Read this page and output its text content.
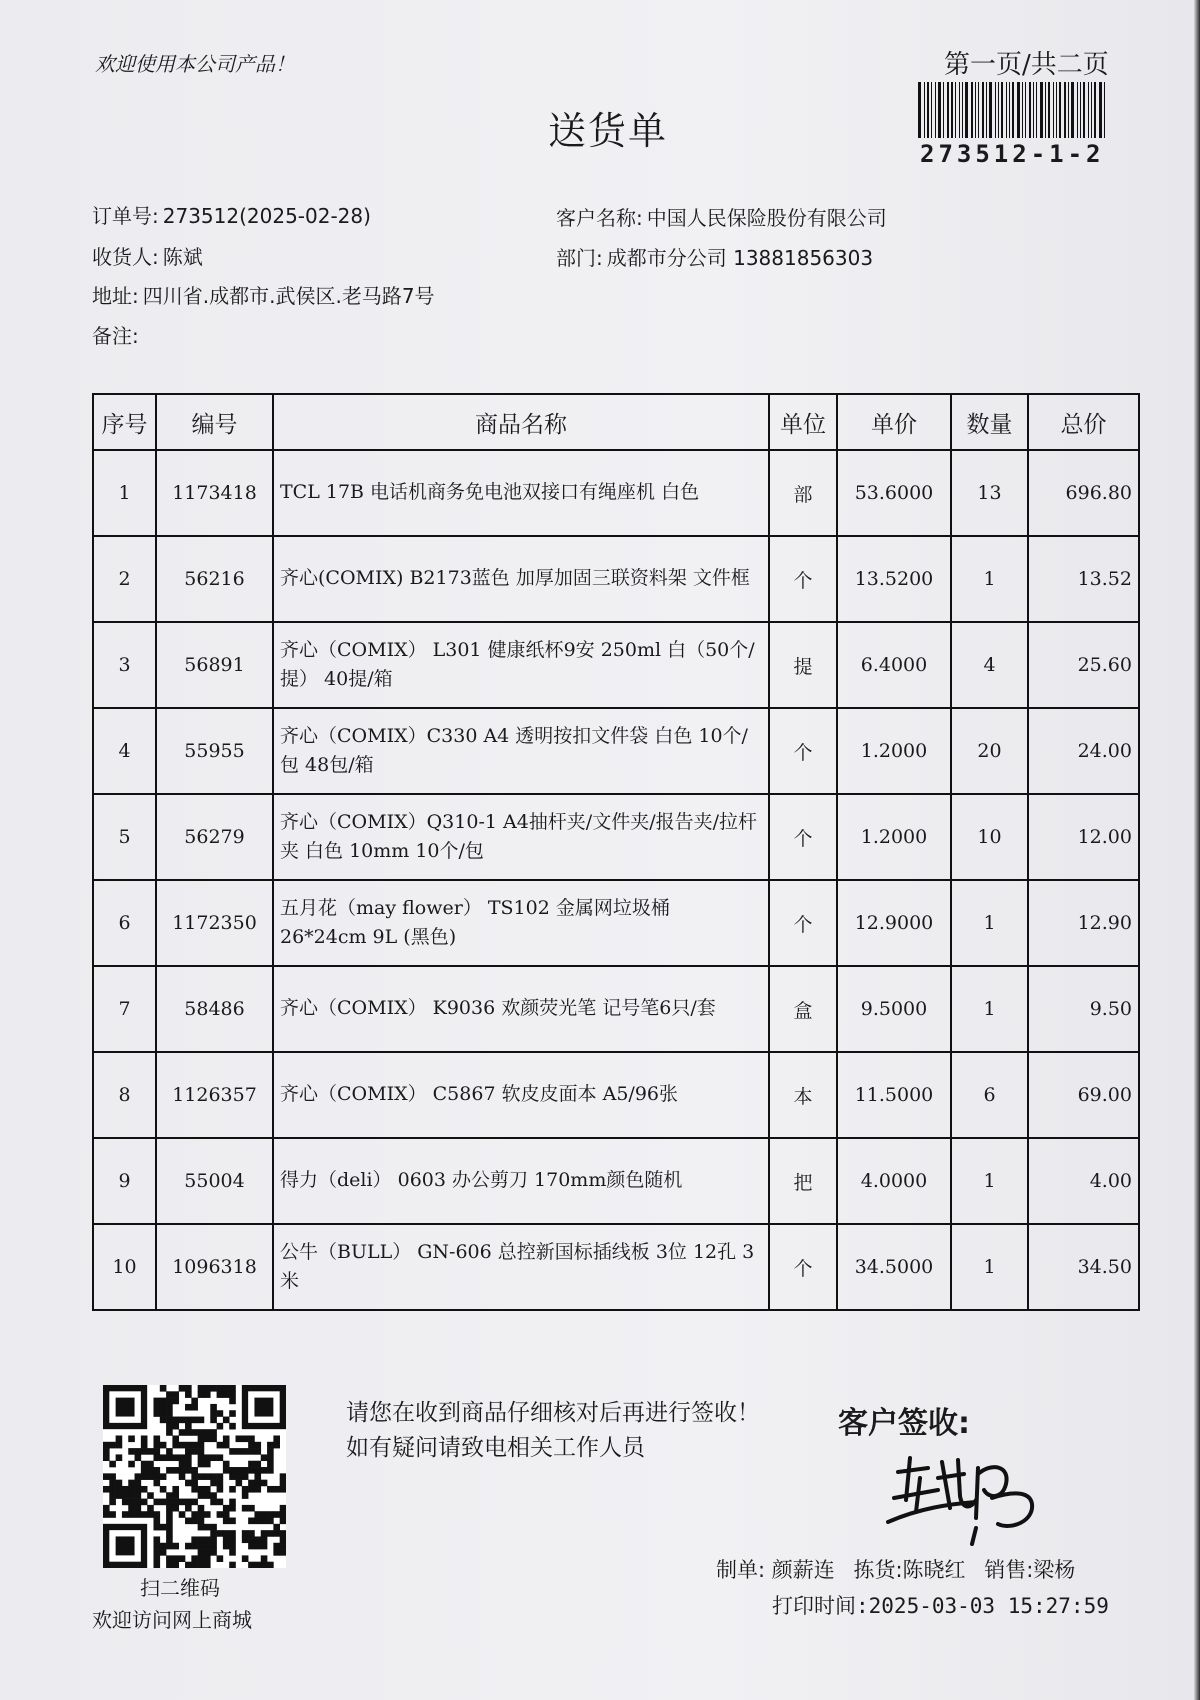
欢迎使用本公司产品！	第一页/共二页
273512-1-2
送货单
订单号: 273512(2025-02-28)
收货人: 陈斌
地址: 四川省.成都市.武侯区.老马路7号
备注:
客户名称: 中国人民保险股份有限公司
部门: 成都市分公司 13881856303
序号	编号	商品名称	单位	单价	数量	总价
1	1173418	TCL 17B 电话机商务免电池双接口有绳座机 白色	部	53.6000	13	696.80
2	56216	齐心(COMIX) B2173蓝色 加厚加固三联资料架 文件框	个	13.5200	1	13.52
3	56891	齐心（COMIX） L301 健康纸杯9安 250ml 白（50个/提） 40提/箱	提	6.4000	4	25.60
4	55955	齐心（COMIX）C330 A4 透明按扣文件袋 白色 10个/包 48包/箱	个	1.2000	20	24.00
5	56279	齐心（COMIX）Q310-1 A4抽杆夹/文件夹/报告夹/拉杆夹 白色 10mm 10个/包	个	1.2000	10	12.00
6	1172350	五月花（may flower） TS102 金属网垃圾桶 26*24cm 9L (黑色)	个	12.9000	1	12.90
7	58486	齐心（COMIX） K9036 欢颜荧光笔 记号笔6只/套	盒	9.5000	1	9.50
8	1126357	齐心（COMIX） C5867 软皮皮面本 A5/96张	本	11.5000	6	69.00
9	55004	得力（deli） 0603 办公剪刀 170mm颜色随机	把	4.0000	1	4.00
10	1096318	公牛（BULL） GN-606 总控新国标插线板 3位 12孔 3米	个	34.5000	1	34.50
扫二维码
欢迎访问网上商城
请您在收到商品仔细核对后再进行签收！如有疑问请致电相关工作人员
客户签收:
制单: 颜薪连 拣货:陈晓红 销售:梁杨
打印时间:2025-03-03 15:27:59
